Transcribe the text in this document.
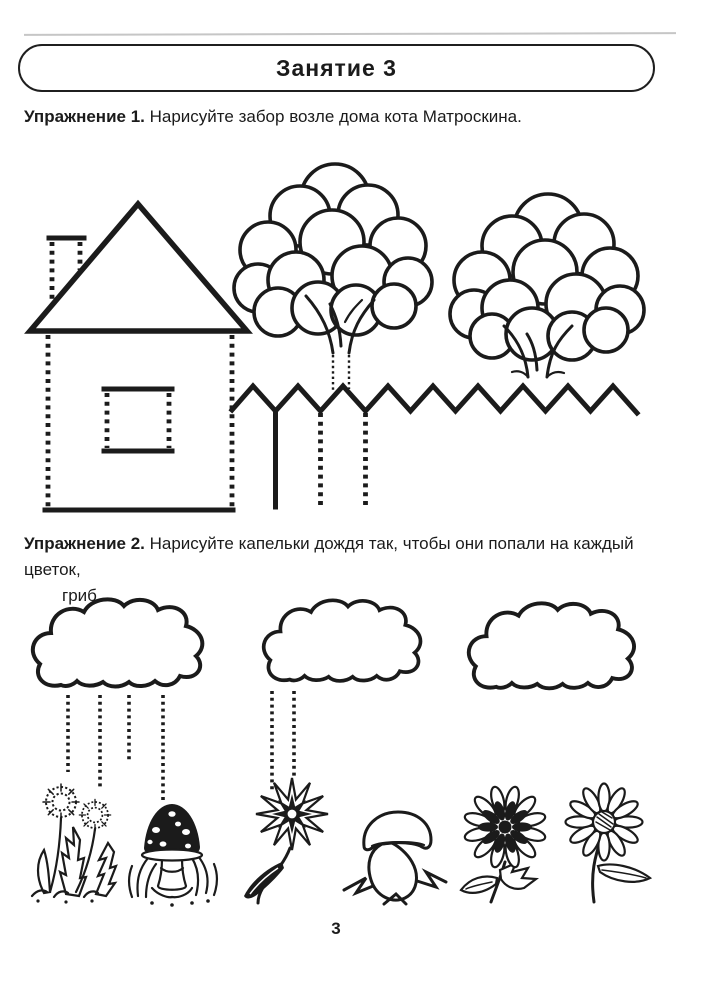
Занятие 3

Упражнение 1. Нарисуйте забор возле дома кота Матроскина.

Упражнение 2. Нарисуйте капельки дождя так, чтобы они попали на каждый цветок,
гриб.

3
